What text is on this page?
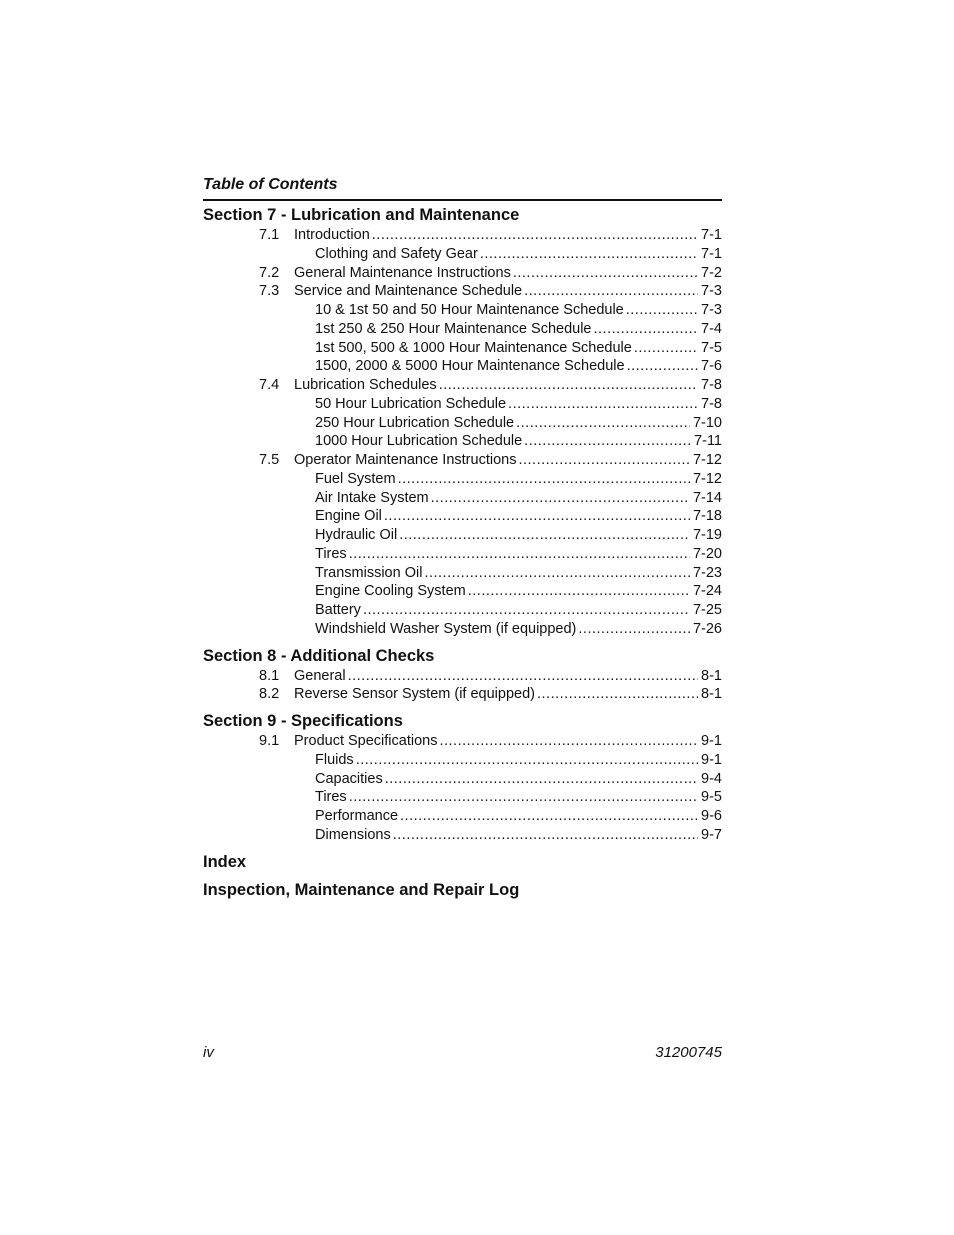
Table of Contents
Section 7 - Lubrication and Maintenance
7.1 Introduction .....	7-1
Clothing and Safety Gear .....	7-1
7.2 General Maintenance Instructions .....	7-2
7.3 Service and Maintenance Schedule .....	7-3
10 & 1st 50 and 50 Hour Maintenance Schedule .....	7-3
1st 250 & 250 Hour Maintenance Schedule .....	7-4
1st 500, 500 & 1000 Hour Maintenance Schedule .....	7-5
1500, 2000 & 5000 Hour Maintenance Schedule .....	7-6
7.4 Lubrication Schedules .....	7-8
50 Hour Lubrication Schedule .....	7-8
250 Hour Lubrication Schedule .....	7-10
1000 Hour Lubrication Schedule .....	7-11
7.5 Operator Maintenance Instructions .....	7-12
Fuel System .....	7-12
Air Intake System .....	7-14
Engine Oil .....	7-18
Hydraulic Oil .....	7-19
Tires .....	7-20
Transmission Oil .....	7-23
Engine Cooling System .....	7-24
Battery .....	7-25
Windshield Washer System (if equipped) .....	7-26
Section 8 - Additional Checks
8.1 General .....	8-1
8.2 Reverse Sensor System (if equipped) .....	8-1
Section 9 - Specifications
9.1 Product Specifications .....	9-1
Fluids .....	9-1
Capacities .....	9-4
Tires .....	9-5
Performance .....	9-6
Dimensions .....	9-7
Index
Inspection, Maintenance and Repair Log
iv	31200745
